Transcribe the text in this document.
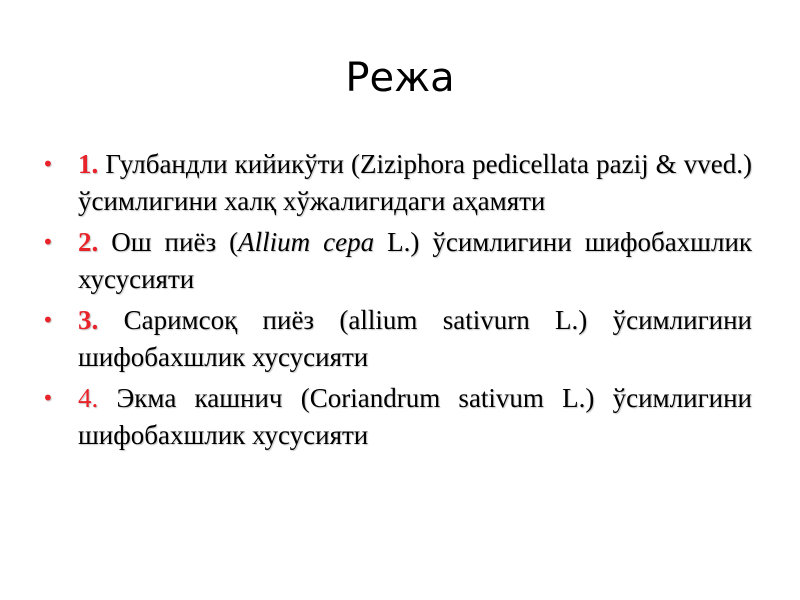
Режа
• 1. Гулбандли кийикўти (Ziziphora pedicellata pazij & vved.) ўсимлигини халқ хўжалигидаги аҳамяти
• 2. Ош пиёз (Allium cepa L.) ўсимлигини шифобахшлик хусусияти
• 3. Саримсоқ пиёз (allium sativurn L.) ўсимлигини шифобахшлик хусусияти
• 4. Экма кашнич (Coriandrum sativum L.) ўсимлигини шифобахшлик хусусияти
